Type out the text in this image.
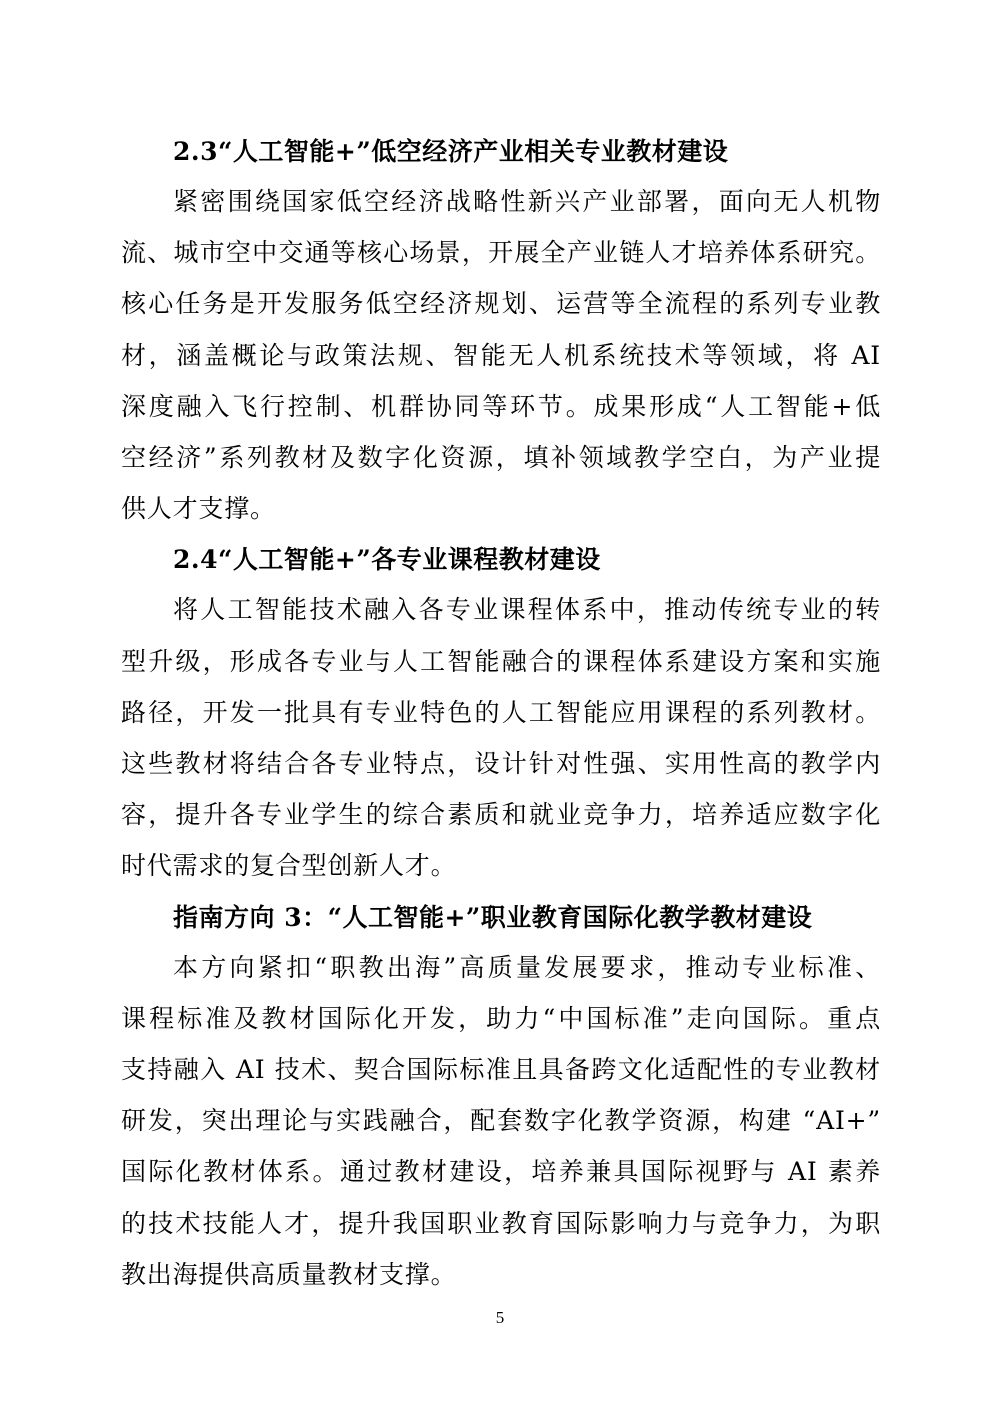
2.3“人工智能+”低空经济产业相关专业教材建设

紧密围绕国家低空经济战略性新兴产业部署，面向无人机物
流、城市空中交通等核心场景，开展全产业链人才培养体系研究。
核心任务是开发服务低空经济规划、运营等全流程的系列专业教
材，涵盖概论与政策法规、智能无人机系统技术等领域，将 AI
深度融入飞行控制、机群协同等环节。成果形成“人工智能+低
空经济”系列教材及数字化资源，填补领域教学空白，为产业提
供人才支撑。

2.4“人工智能+”各专业课程教材建设

将人工智能技术融入各专业课程体系中，推动传统专业的转
型升级，形成各专业与人工智能融合的课程体系建设方案和实施
路径，开发一批具有专业特色的人工智能应用课程的系列教材。
这些教材将结合各专业特点，设计针对性强、实用性高的教学内
容，提升各专业学生的综合素质和就业竞争力，培养适应数字化
时代需求的复合型创新人才。

指南方向 3：“人工智能+”职业教育国际化教学教材建设

本方向紧扣“职教出海”高质量发展要求，推动专业标准、
课程标准及教材国际化开发，助力“中国标准”走向国际。重点
支持融入 AI 技术、契合国际标准且具备跨文化适配性的专业教材
研发，突出理论与实践融合，配套数字化教学资源，构建 “AI+”
国际化教材体系。通过教材建设，培养兼具国际视野与 AI 素养
的技术技能人才，提升我国职业教育国际影响力与竞争力，为职
教出海提供高质量教材支撑。

5
